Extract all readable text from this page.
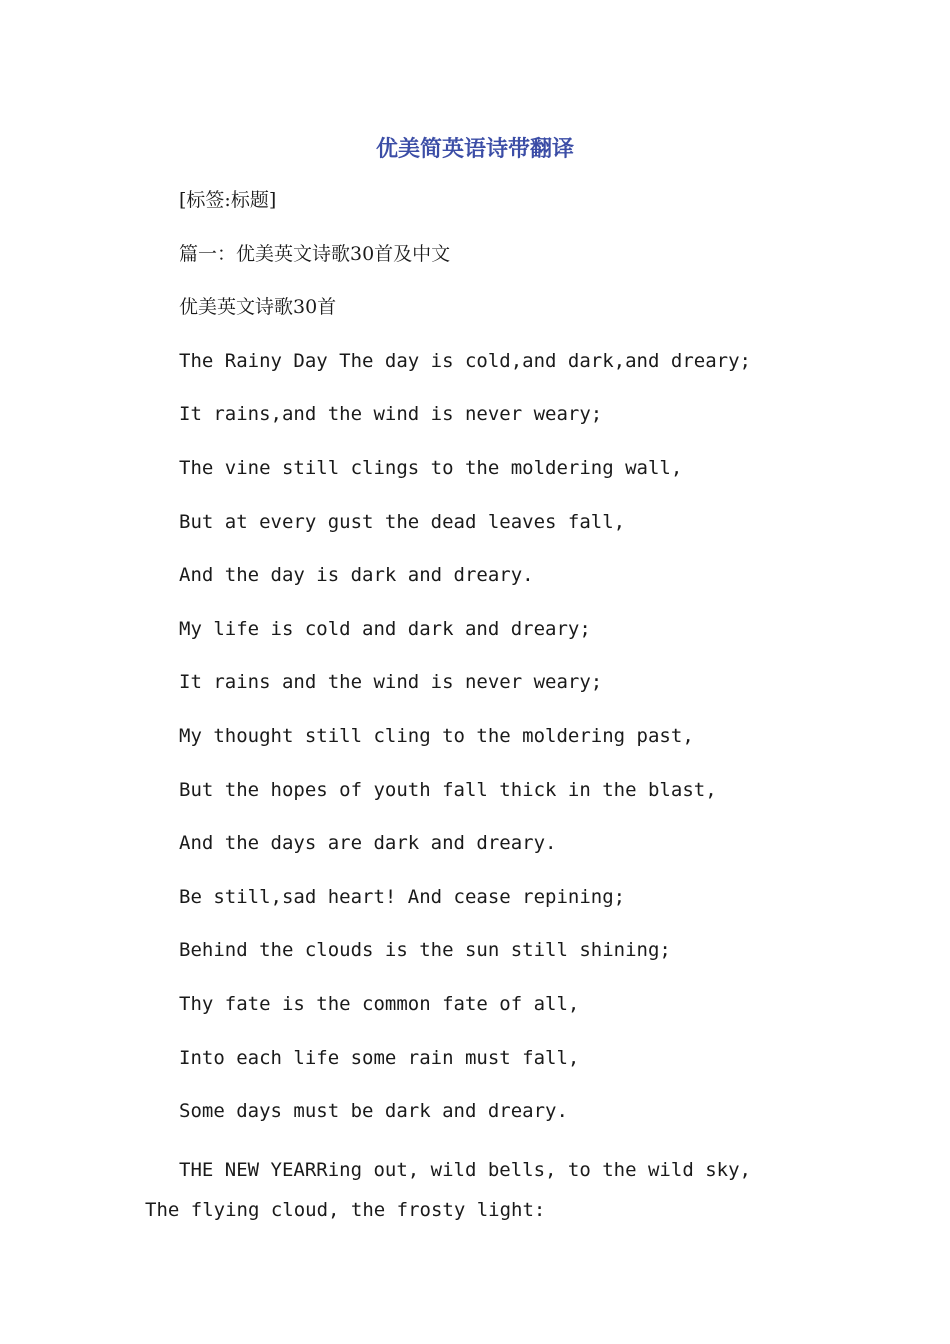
优美简英语诗带翻译
[标签:标题]
篇一：优美英文诗歌30首及中文
优美英文诗歌30首
The Rainy Day The day is cold,and dark,and dreary;
It rains,and the wind is never weary;
The vine still clings to the moldering wall,
But at every gust the dead leaves fall,
And the day is dark and dreary.
My life is cold and dark and dreary;
It rains and the wind is never weary;
My thought still cling to the moldering past,
But the hopes of youth fall thick in the blast,
And the days are dark and dreary.
Be still,sad heart! And cease repining;
Behind the clouds is the sun still shining;
Thy fate is the common fate of all,
Into each life some rain must fall,
Some days must be dark and dreary.

THE NEW YEARRing out, wild bells, to the wild sky, The flying cloud, the frosty light:
